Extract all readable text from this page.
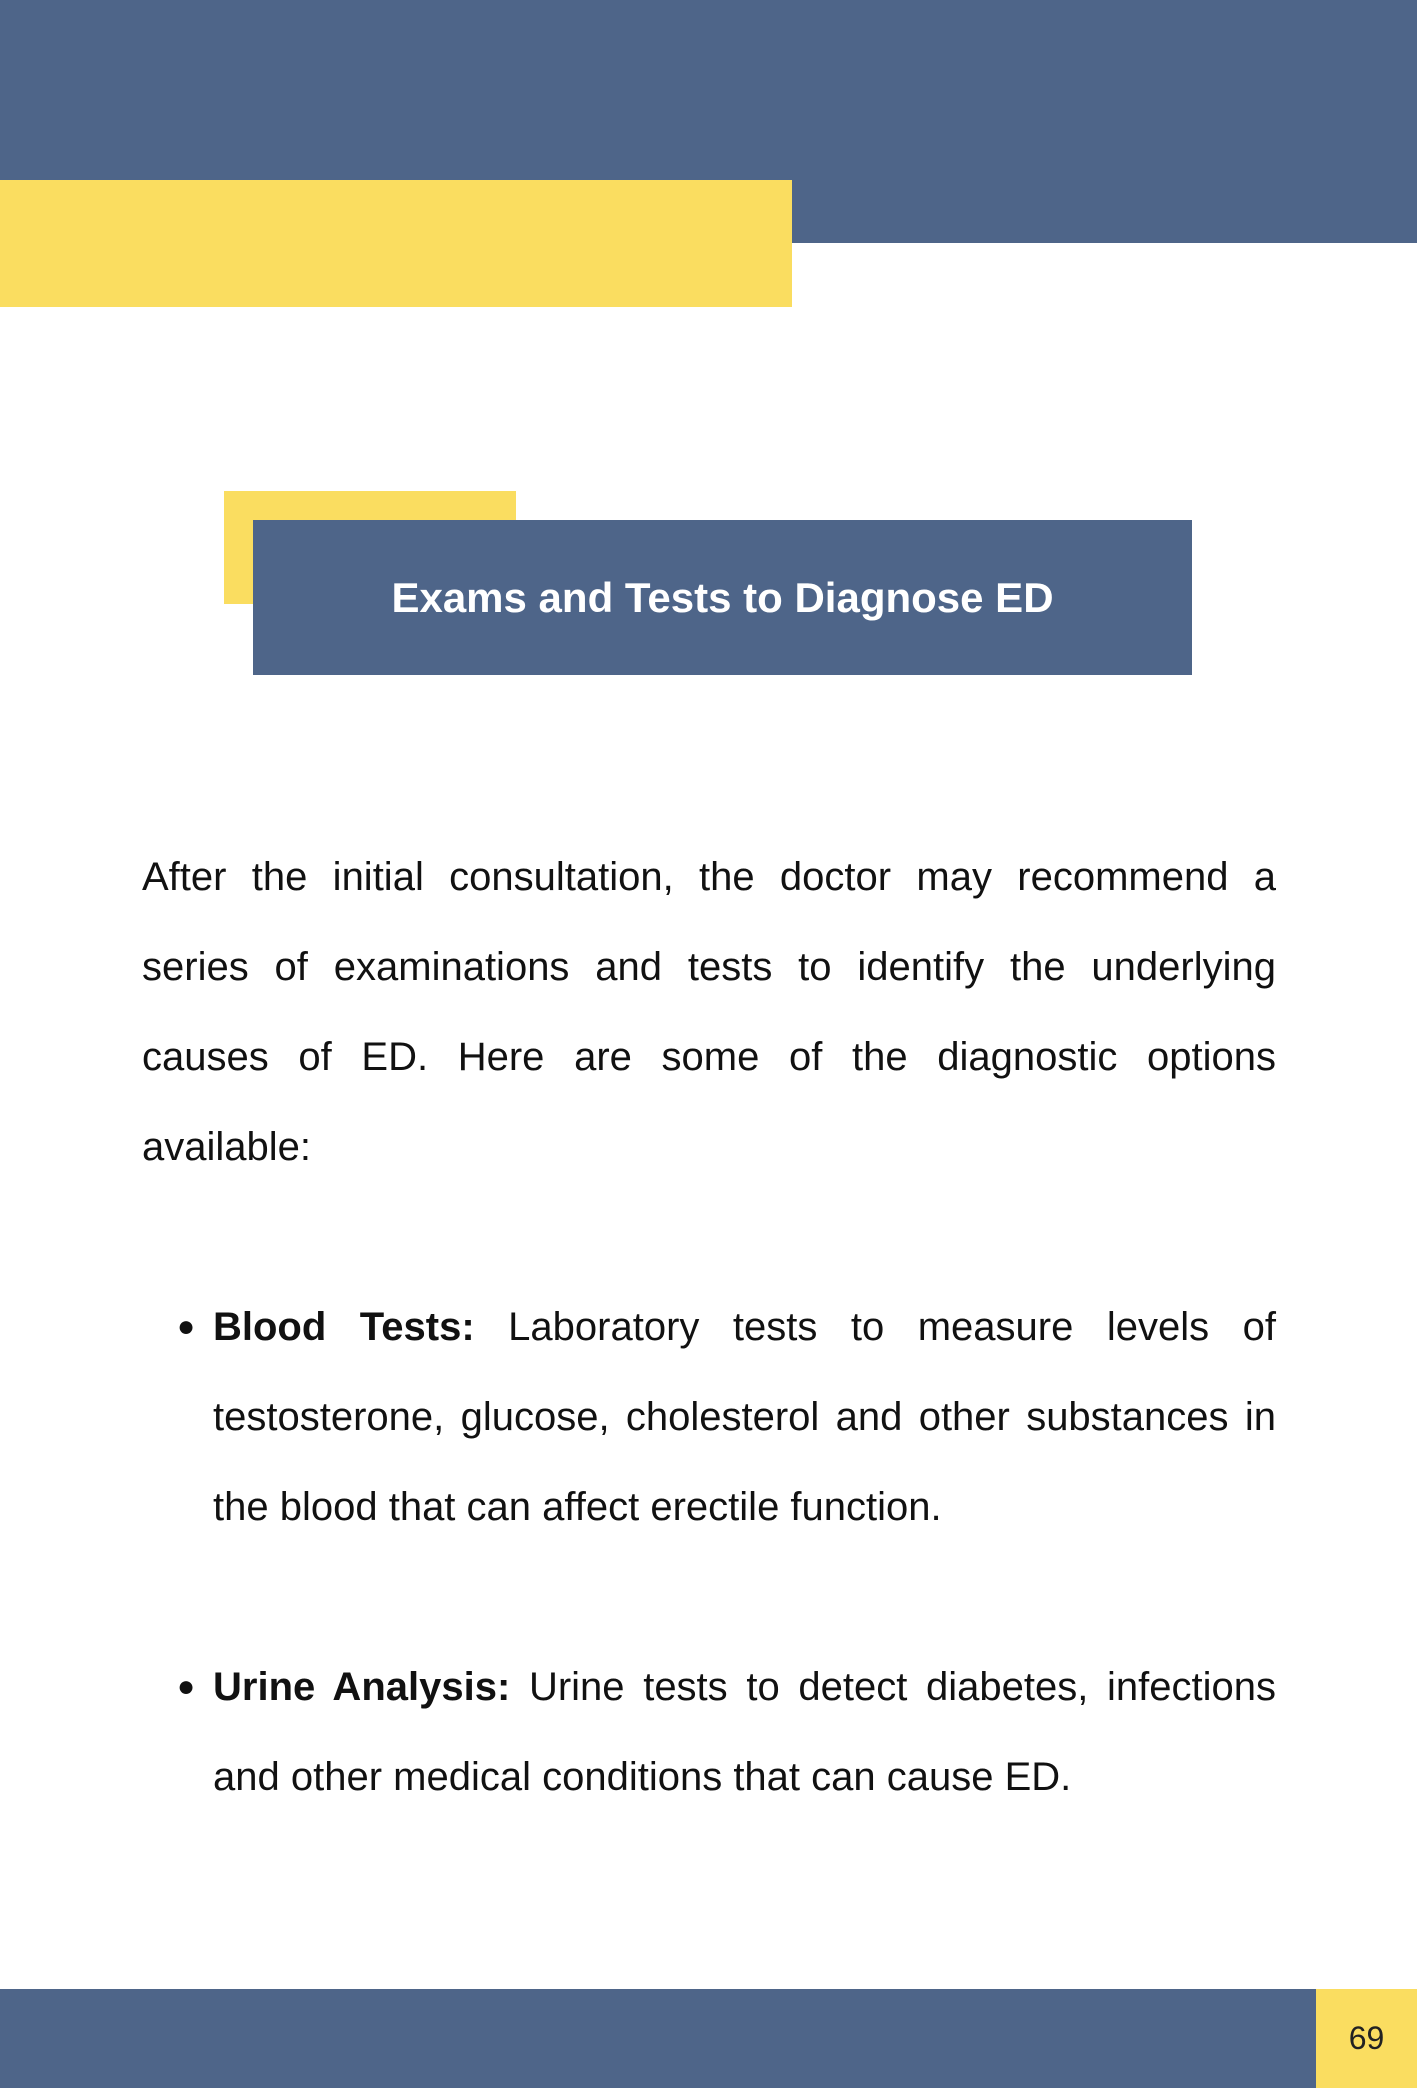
Exams and Tests to Diagnose ED

After the initial consultation, the doctor may recommend a series of examinations and tests to identify the underlying causes of ED. Here are some of the diagnostic options available:

● Blood Tests: Laboratory tests to measure levels of testosterone, glucose, cholesterol and other substances in the blood that can affect erectile function.
● Urine Analysis: Urine tests to detect diabetes, infections and other medical conditions that can cause ED.
69
